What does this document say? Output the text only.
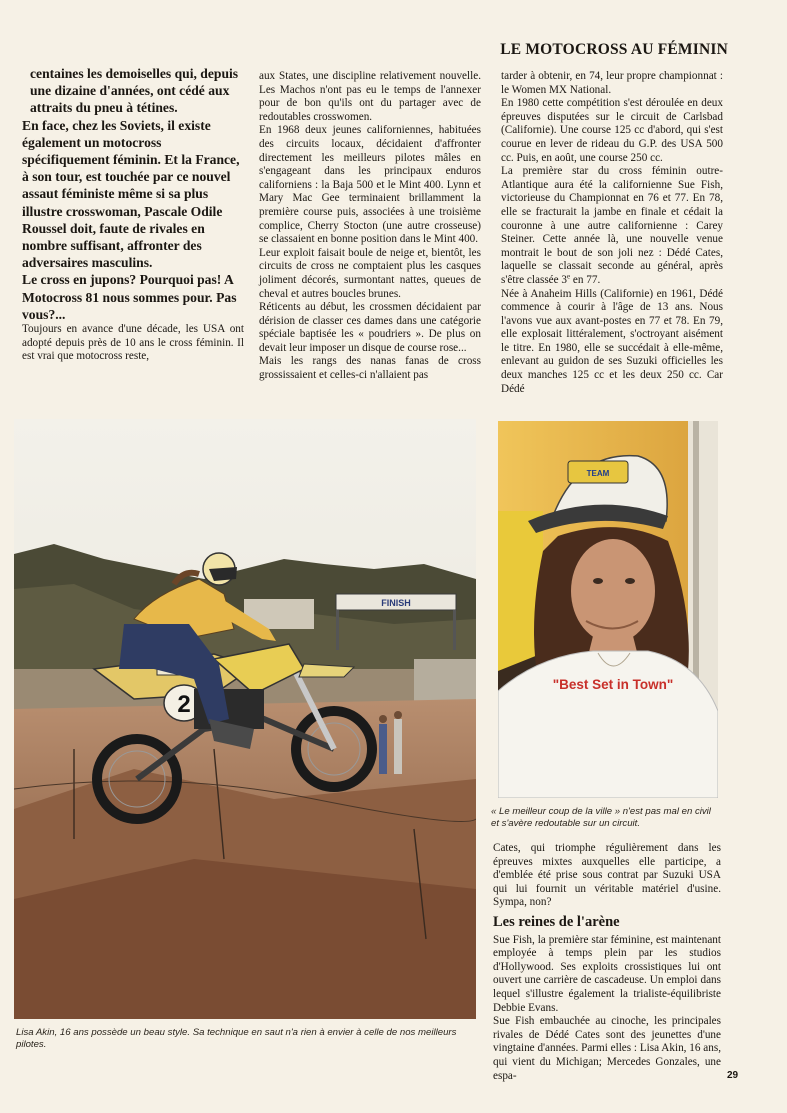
LE MOTOCROSS AU FÉMININ

centaines les demoiselles qui, depuis une dizaine d'années, ont cédé aux attraits du pneu à tétines.

En face, chez les Soviets, il existe également un motocross spécifiquement féminin. Et la France, à son tour, est touchée par ce nouvel assaut féministe même si sa plus illustre crosswoman, Pascale Odile Roussel doit, faute de rivales en nombre suffisant, affronter des adversaires masculins.

Le cross en jupons? Pourquoi pas! A Motocross 81 nous sommes pour. Pas vous?...

Toujours en avance d'une décade, les USA ont adopté depuis près de 10 ans le cross féminin. Il est vrai que motocross reste,

aux States, une discipline relativement nouvelle. Les Machos n'ont pas eu le temps de l'annexer pour de bon qu'ils ont du partager avec de redoutables crosswomen.

En 1968 deux jeunes californiennes, habituées des circuits locaux, décidaient d'affronter directement les meilleurs pilotes mâles en s'engageant dans les principaux enduros californiens : la Baja 500 et le Mint 400. Lynn et Mary Mac Gee terminaient brillamment la première course puis, associées à une troisième complice, Cherry Stocton (une autre crosseuse) se classaient en bonne position dans le Mint 400.

Leur exploit faisait boule de neige et, bientôt, les circuits de cross ne comptaient plus les casques joliment décorés, surmontant nattes, queues de cheval et autres boucles brunes.

Réticents au début, les crossmen décidaient par dérision de classer ces dames dans une catégorie spéciale baptisée les « poudriers ». De plus on devait leur imposer un disque de course rose...

Mais les rangs des nanas fanas de cross grossissaient et celles-ci n'allaient pas

tarder à obtenir, en 74, leur propre championnat : le Women MX National.

En 1980 cette compétition s'est déroulée en deux épreuves disputées sur le circuit de Carlsbad (Californie). Une course 125 cc d'abord, qui s'est courue en lever de rideau du G.P. des USA 500 cc. Puis, en août, une course 250 cc.

La première star du cross féminin outre-Atlantique aura été la californienne Sue Fish, victorieuse du Championnat en 76 et 77. En 78, elle se fracturait la jambe en finale et cédait la couronne à une autre californienne : Carey Steiner. Cette année là, une nouvelle venue montrait le bout de son joli nez : Dédé Cates, laquelle se classait seconde au général, après s'être classée 3e en 77.

Née à Anaheim Hills (Californie) en 1961, Dédé commence à courir à l'âge de 13 ans. Nous l'avons vue aux avant-postes en 77 et 78. En 79, elle explosait littéralement, s'octroyant aisément le titre. En 1980, elle se succédait à elle-même, enlevant au guidon de ses Suzuki officielles les deux manches 125 cc et les deux 250 cc. Car Dédé

FINISH
2
Lisa Akin, 16 ans possède un beau style. Sa technique en saut n'a rien à envier à celle de nos meilleurs pilotes.
TEAM
"Best Set in Town"
« Le meilleur coup de la ville » n'est pas mal en civil et s'avère redoutable sur un circuit.

Cates, qui triomphe régulièrement dans les épreuves mixtes auxquelles elle participe, a d'emblée été prise sous contrat par Suzuki USA qui lui fournit un véritable matériel d'usine. Sympa, non?

Les reines de l'arène

Sue Fish, la première star féminine, est maintenant employée à temps plein par les studios d'Hollywood. Ses exploits crossistiques lui ont ouvert une carrière de cascadeuse. Un emploi dans lequel s'illustre également la trialiste-équilibriste Debbie Evans.

Sue Fish embauchée au cinoche, les principales rivales de Dédé Cates sont des jeunettes d'une vingtaine d'années. Parmi elles : Lisa Akin, 16 ans, qui vient du Michigan; Mercedes Gonzales, une espa-	29
